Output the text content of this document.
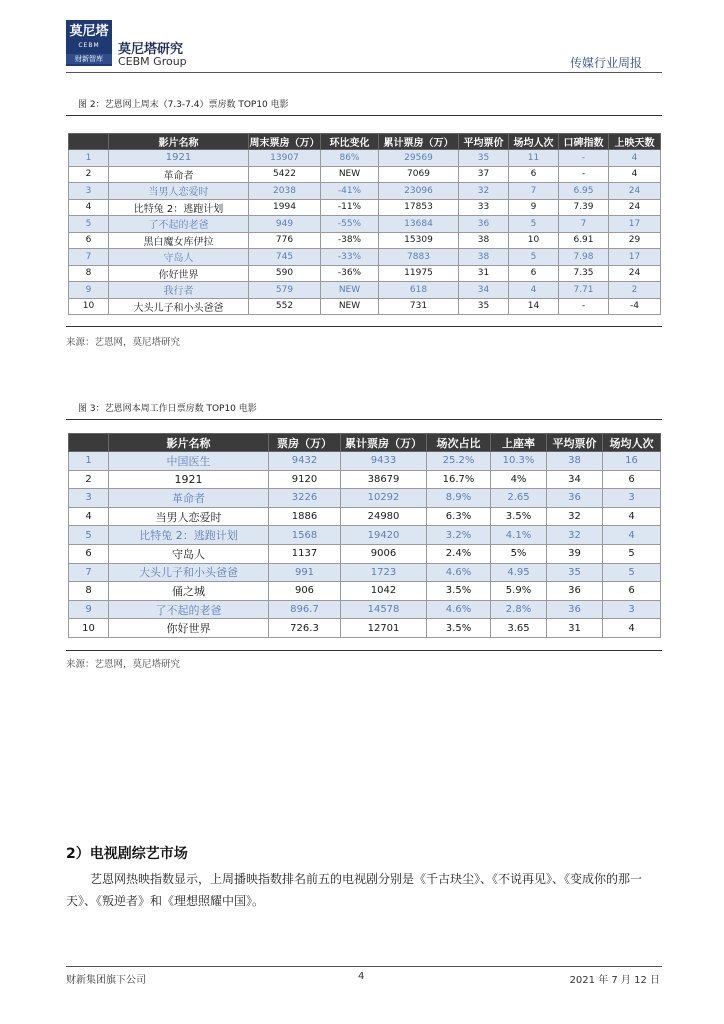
莫尼塔
CEBM
财新智库
莫尼塔研究
CEBM Group	传媒行业周报
图 2：艺恩网上周末（7.3-7.4）票房数 TOP10 电影
	影片名称	周末票房（万）	环比变化	累计票房（万）	平均票价	场均人次	口碑指数	上映天数
1	1921	13907	86%	29569	35	11	-	4
2	革命者	5422	NEW	7069	37	6	-	4
3	当男人恋爱时	2038	-41%	23096	32	7	6.95	24
4	比特兔 2：逃跑计划	1994	-11%	17853	33	9	7.39	24
5	了不起的老爸	949	-55%	13684	36	5	7	17
6	黑白魔女库伊拉	776	-38%	15309	38	10	6.91	29
7	守岛人	745	-33%	7883	38	5	7.98	17
8	你好世界	590	-36%	11975	31	6	7.35	24
9	我行者	579	NEW	618	34	4	7.71	2
10	大头儿子和小头爸爸	552	NEW	731	35	14	-	-4
来源：艺恩网，莫尼塔研究
图 3：艺恩网本周工作日票房数 TOP10 电影
	影片名称	票房（万）	累计票房（万）	场次占比	上座率	平均票价	场均人次
1	中国医生	9432	9433	25.2%	10.3%	38	16
2	1921	9120	38679	16.7%	4%	34	6
3	革命者	3226	10292	8.9%	2.65	36	3
4	当男人恋爱时	1886	24980	6.3%	3.5%	32	4
5	比特兔 2：逃跑计划	1568	19420	3.2%	4.1%	32	4
6	守岛人	1137	9006	2.4%	5%	39	5
7	大头儿子和小头爸爸	991	1723	4.6%	4.95	35	5
8	俑之城	906	1042	3.5%	5.9%	36	6
9	了不起的老爸	896.7	14578	4.6%	2.8%	36	3
10	你好世界	726.3	12701	3.5%	3.65	31	4
来源：艺恩网，莫尼塔研究
2）电视剧综艺市场

艺恩网热映指数显示，上周播映指数排名前五的电视剧分别是《千古玦尘》、《不说再见》、《变成你的那一天》、《叛逆者》和《理想照耀中国》。

财新集团旗下公司	4	2021 年 7 月 12 日
